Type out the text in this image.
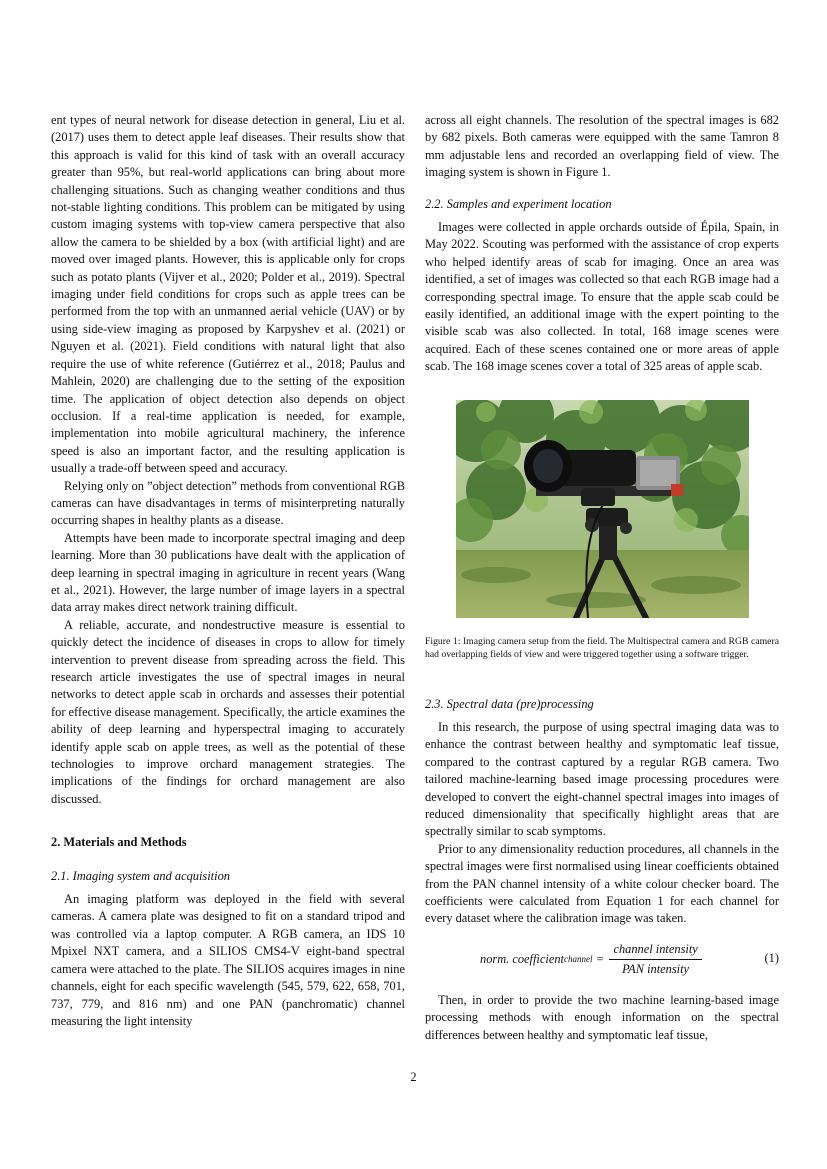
ent types of neural network for disease detection in general, Liu et al. (2017) uses them to detect apple leaf diseases. Their results show that this approach is valid for this kind of task with an overall accuracy greater than 95%, but real-world applications can bring about more challenging situations. Such as changing weather conditions and thus not-stable lighting conditions. This problem can be mitigated by using custom imaging systems with top-view camera perspective that also allow the camera to be shielded by a box (with artificial light) and are moved over imaged plants. However, this is applicable only for crops such as potato plants (Vijver et al., 2020; Polder et al., 2019). Spectral imaging under field conditions for crops such as apple trees can be performed from the top with an unmanned aerial vehicle (UAV) or by using side-view imaging as proposed by Karpyshev et al. (2021) or Nguyen et al. (2021). Field conditions with natural light that also require the use of white reference (Gutiérrez et al., 2018; Paulus and Mahlein, 2020) are challenging due to the setting of the exposition time. The application of object detection also depends on object occlusion. If a real-time application is needed, for example, implementation into mobile agricultural machinery, the inference speed is also an important factor, and the resulting application is usually a trade-off between speed and accuracy.

Relying only on ”object detection” methods from conventional RGB cameras can have disadvantages in terms of misinterpreting naturally occurring shapes in healthy plants as a disease.

Attempts have been made to incorporate spectral imaging and deep learning. More than 30 publications have dealt with the application of deep learning in spectral imaging in agriculture in recent years (Wang et al., 2021). However, the large number of image layers in a spectral data array makes direct network training difficult.

A reliable, accurate, and nondestructive measure is essential to quickly detect the incidence of diseases in crops to allow for timely intervention to prevent disease from spreading across the field. This research article investigates the use of spectral images in neural networks to detect apple scab in orchards and assesses their potential for effective disease management. Specifically, the article examines the ability of deep learning and hyperspectral imaging to accurately identify apple scab on apple trees, as well as the potential of these technologies to improve orchard management strategies. The implications of the findings for orchard management are also discussed.

2. Materials and Methods
2.1. Imaging system and acquisition

An imaging platform was deployed in the field with several cameras. A camera plate was designed to fit on a standard tripod and was controlled via a laptop computer. A RGB camera, an IDS 10 Mpixel NXT camera, and a SILIOS CMS4-V eight-band spectral camera were attached to the plate. The SILIOS acquires images in nine channels, eight for each specific wavelength (545, 579, 622, 658, 701, 737, 779, and 816 nm) and one PAN (panchromatic) channel measuring the light intensity

across all eight channels. The resolution of the spectral images is 682 by 682 pixels. Both cameras were equipped with the same Tamron 8 mm adjustable lens and recorded an overlapping field of view. The imaging system is shown in Figure 1.

2.2. Samples and experiment location

Images were collected in apple orchards outside of Épila, Spain, in May 2022. Scouting was performed with the assistance of crop experts who helped identify areas of scab for imaging. Once an area was identified, a set of images was collected so that each RGB image had a corresponding spectral image. To ensure that the apple scab could be easily identified, an additional image with the expert pointing to the visible scab was also collected. In total, 168 image scenes were acquired. Each of these scenes contained one or more areas of apple scab. The 168 image scenes cover a total of 325 areas of apple scab.

Figure 1: Imaging camera setup from the field. The Multispectral camera and RGB camera had overlapping fields of view and were triggered together using a software trigger.
2.3. Spectral data (pre)processing

In this research, the purpose of using spectral imaging data was to enhance the contrast between healthy and symptomatic leaf tissue, compared to the contrast captured by a regular RGB camera. Two tailored machine-learning based image processing procedures were developed to convert the eight-channel spectral images into images of reduced dimensionality that specifically highlight areas that are spectrally similar to scab symptoms.

Prior to any dimensionality reduction procedures, all channels in the spectral images were first normalised using linear coefficients obtained from the PAN channel intensity of a white colour checker board. The coefficients were calculated from Equation 1 for each channel for every dataset where the calibration image was taken.

norm. coefficient channel = $\frac{\text{channel intensity}}{\text{PAN intensity}}$	(1)

Then, in order to provide the two machine learning-based image processing methods with enough information on the spectral differences between healthy and symptomatic leaf tissue,

2
